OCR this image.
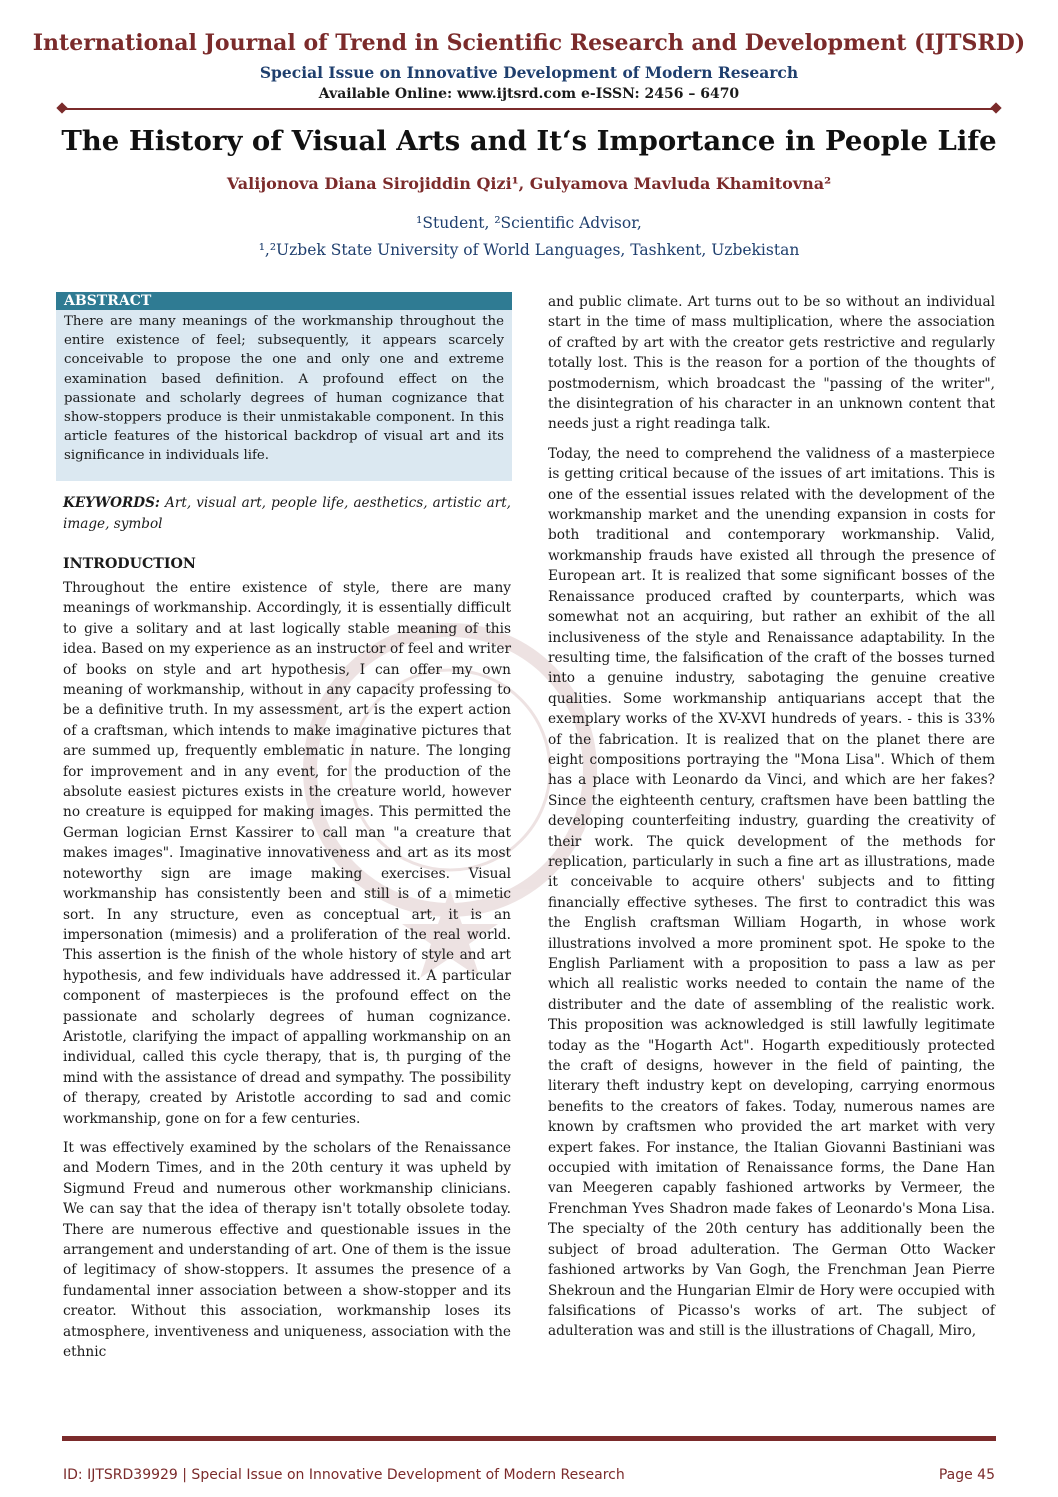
International Journal of Trend in Scientific Research and Development (IJTSRD)
Special Issue on Innovative Development of Modern Research
Available Online: www.ijtsrd.com e-ISSN: 2456 – 6470
The History of Visual Arts and It‘s Importance in People Life
Valijonova Diana Sirojiddin Qizi¹, Gulyamova Mavluda Khamitovna²
¹Student, ²Scientific Advisor,
¹,²Uzbek State University of World Languages, Tashkent, Uzbekistan
ABSTRACT
There are many meanings of the workmanship throughout the entire existence of feel; subsequently, it appears scarcely conceivable to propose the one and only one and extreme examination based definition. A profound effect on the passionate and scholarly degrees of human cognizance that show-stoppers produce is their unmistakable component. In this article features of the historical backdrop of visual art and its significance in individuals life.
KEYWORDS: Art, visual art, people life, aesthetics, artistic art, image, symbol
INTRODUCTION

Throughout the entire existence of style, there are many meanings of workmanship. Accordingly, it is essentially difficult to give a solitary and at last logically stable meaning of this idea. Based on my experience as an instructor of feel and writer of books on style and art hypothesis, I can offer my own meaning of workmanship, without in any capacity professing to be a definitive truth. In my assessment, art is the expert action of a craftsman, which intends to make imaginative pictures that are summed up, frequently emblematic in nature. The longing for improvement and in any event, for the production of the absolute easiest pictures exists in the creature world, however no creature is equipped for making images. This permitted the German logician Ernst Kassirer to call man "a creature that makes images". Imaginative innovativeness and art as its most noteworthy sign are image making exercises. Visual workmanship has consistently been and still is of a mimetic sort. In any structure, even as conceptual art, it is an impersonation (mimesis) and a proliferation of the real world. This assertion is the finish of the whole history of style and art hypothesis, and few individuals have addressed it. A particular component of masterpieces is the profound effect on the passionate and scholarly degrees of human cognizance. Aristotle, clarifying the impact of appalling workmanship on an individual, called this cycle therapy, that is, th purging of the mind with the assistance of dread and sympathy. The possibility of therapy, created by Aristotle according to sad and comic workmanship, gone on for a few centuries.

It was effectively examined by the scholars of the Renaissance and Modern Times, and in the 20th century it was upheld by Sigmund Freud and numerous other workmanship clinicians. We can say that the idea of therapy isn't totally obsolete today. There are numerous effective and questionable issues in the arrangement and understanding of art. One of them is the issue of legitimacy of show-stoppers. It assumes the presence of a fundamental inner association between a show-stopper and its creator. Without this association, workmanship loses its atmosphere, inventiveness and uniqueness, association with the ethnic

and public climate. Art turns out to be so without an individual start in the time of mass multiplication, where the association of crafted by art with the creator gets restrictive and regularly totally lost. This is the reason for a portion of the thoughts of postmodernism, which broadcast the "passing of the writer", the disintegration of his character in an unknown content that needs just a right readinga talk.

Today, the need to comprehend the validness of a masterpiece is getting critical because of the issues of art imitations. This is one of the essential issues related with the development of the workmanship market and the unending expansion in costs for both traditional and contemporary workmanship. Valid, workmanship frauds have existed all through the presence of European art. It is realized that some significant bosses of the Renaissance produced crafted by counterparts, which was somewhat not an acquiring, but rather an exhibit of the all inclusiveness of the style and Renaissance adaptability. In the resulting time, the falsification of the craft of the bosses turned into a genuine industry, sabotaging the genuine creative qualities. Some workmanship antiquarians accept that the exemplary works of the XV-XVI hundreds of years. - this is 33% of the fabrication. It is realized that on the planet there are eight compositions portraying the "Mona Lisa". Which of them has a place with Leonardo da Vinci, and which are her fakes? Since the eighteenth century, craftsmen have been battling the developing counterfeiting industry, guarding the creativity of their work. The quick development of the methods for replication, particularly in such a fine art as illustrations, made it conceivable to acquire others' subjects and to fitting financially effective sytheses. The first to contradict this was the English craftsman William Hogarth, in whose work illustrations involved a more prominent spot. He spoke to the English Parliament with a proposition to pass a law as per which all realistic works needed to contain the name of the distributer and the date of assembling of the realistic work. This proposition was acknowledged is still lawfully legitimate today as the "Hogarth Act". Hogarth expeditiously protected the craft of designs, however in the field of painting, the literary theft industry kept on developing, carrying enormous benefits to the creators of fakes. Today, numerous names are known by craftsmen who provided the art market with very expert fakes. For instance, the Italian Giovanni Bastiniani was occupied with imitation of Renaissance forms, the Dane Han van Meegeren capably fashioned artworks by Vermeer, the Frenchman Yves Shadron made fakes of Leonardo's Mona Lisa. The specialty of the 20th century has additionally been the subject of broad adulteration. The German Otto Wacker fashioned artworks by Van Gogh, the Frenchman Jean Pierre Shekroun and the Hungarian Elmir de Hory were occupied with falsifications of Picasso's works of art. The subject of adulteration was and still is the illustrations of Chagall, Miro,

ID: IJTSRD39929 | Special Issue on Innovative Development of Modern Research	Page 45
